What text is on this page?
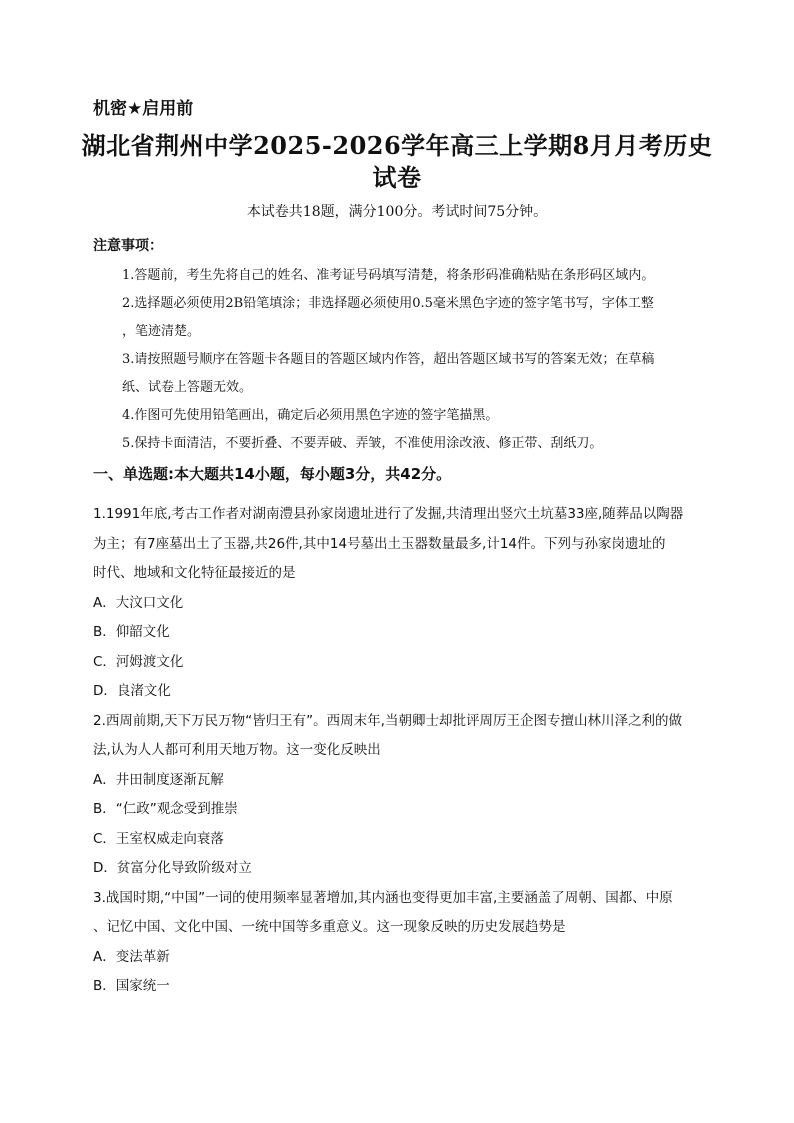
机密★启用前
湖北省荆州中学2025-2026学年高三上学期8月月考历史
试卷
本试卷共18题，满分100分。考试时间75分钟。
注意事项：

1.答题前，考生先将自己的姓名、准考证号码填写清楚，将条形码准确粘贴在条形码区域内。

2.选择题必须使用2B铅笔填涂；非选择题必须使用0.5毫米黑色字迹的签字笔书写，字体工整

，笔迹清楚。

3.请按照题号顺序在答题卡各题目的答题区域内作答，超出答题区域书写的答案无效；在草稿

纸、试卷上答题无效。

4.作图可先使用铅笔画出，确定后必须用黑色字迹的签字笔描黑。

5.保持卡面清洁，不要折叠、不要弄破、弄皱，不准使用涂改液、修正带、刮纸刀。

一、单选题:本大题共14小题，每小题3分，共42分。

1.1991年底,考古工作者对湖南澧县孙家岗遗址进行了发掘,共清理出竖穴土坑墓33座,随葬品以陶器

为主；有7座墓出土了玉器,共26件,其中14号墓出土玉器数量最多,计14件。下列与孙家岗遗址的

时代、地域和文化特征最接近的是

A．大汶口文化

B．仰韶文化

C．河姆渡文化

D．良渚文化

2.西周前期,天下万民万物“皆归王有”。西周末年,当朝卿士却批评周厉王企图专擅山林川泽之利的做

法,认为人人都可利用天地万物。这一变化反映出

A．井田制度逐渐瓦解

B．“仁政”观念受到推崇

C．王室权威走向衰落

D．贫富分化导致阶级对立

3.战国时期,“中国”一词的使用频率显著增加,其内涵也变得更加丰富,主要涵盖了周朝、国都、中原

、记忆中国、文化中国、一统中国等多重意义。这一现象反映的历史发展趋势是

A．变法革新

B．国家统一
